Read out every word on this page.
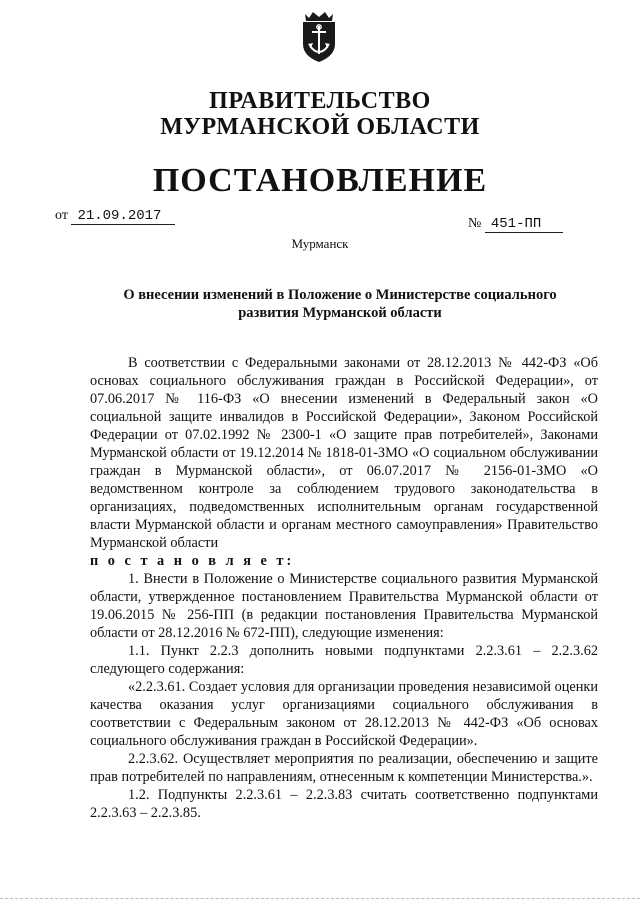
ПРАВИТЕЛЬСТВО
МУРМАНСКОЙ ОБЛАСТИ
ПОСТАНОВЛЕНИЕ
от 21.09.2017	№ 451-ПП
Мурманск
О внесении изменений в Положение о Министерстве социального развития Мурманской области

В соответствии с Федеральными законами от 28.12.2013 № 442-ФЗ «Об основах социального обслуживания граждан в Российской Федерации», от 07.06.2017 № 116-ФЗ «О внесении изменений в Федеральный закон «О социальной защите инвалидов в Российской Федерации», Законом Российской Федерации от 07.02.1992 № 2300-1 «О защите прав потребителей», Законами Мурманской области от 19.12.2014 № 1818-01-ЗМО «О социальном обслуживании граждан в Мурманской области», от 06.07.2017 № 2156-01-ЗМО «О ведомственном контроле за соблюдением трудового законодательства в организациях, подведомственных исполнительным органам государственной власти Мурманской области и органам местного самоуправления» Правительство Мурманской области

п о с т а н о в л я е т:

1. Внести в Положение о Министерстве социального развития Мурманской области, утвержденное постановлением Правительства Мурманской области от 19.06.2015 № 256-ПП (в редакции постановления Правительства Мурманской области от 28.12.2016 № 672-ПП), следующие изменения:

1.1. Пункт 2.2.3 дополнить новыми подпунктами 2.2.3.61 – 2.2.3.62 следующего содержания:

«2.2.3.61. Создает условия для организации проведения независимой оценки качества оказания услуг организациями социального обслуживания в соответствии с Федеральным законом от 28.12.2013 № 442-ФЗ «Об основах социального обслуживания граждан в Российской Федерации».

2.2.3.62. Осуществляет мероприятия по реализации, обеспечению и защите прав потребителей по направлениям, отнесенным к компетенции Министерства.».

1.2. Подпункты 2.2.3.61 – 2.2.3.83 считать соответственно подпунктами 2.2.3.63 – 2.2.3.85.
